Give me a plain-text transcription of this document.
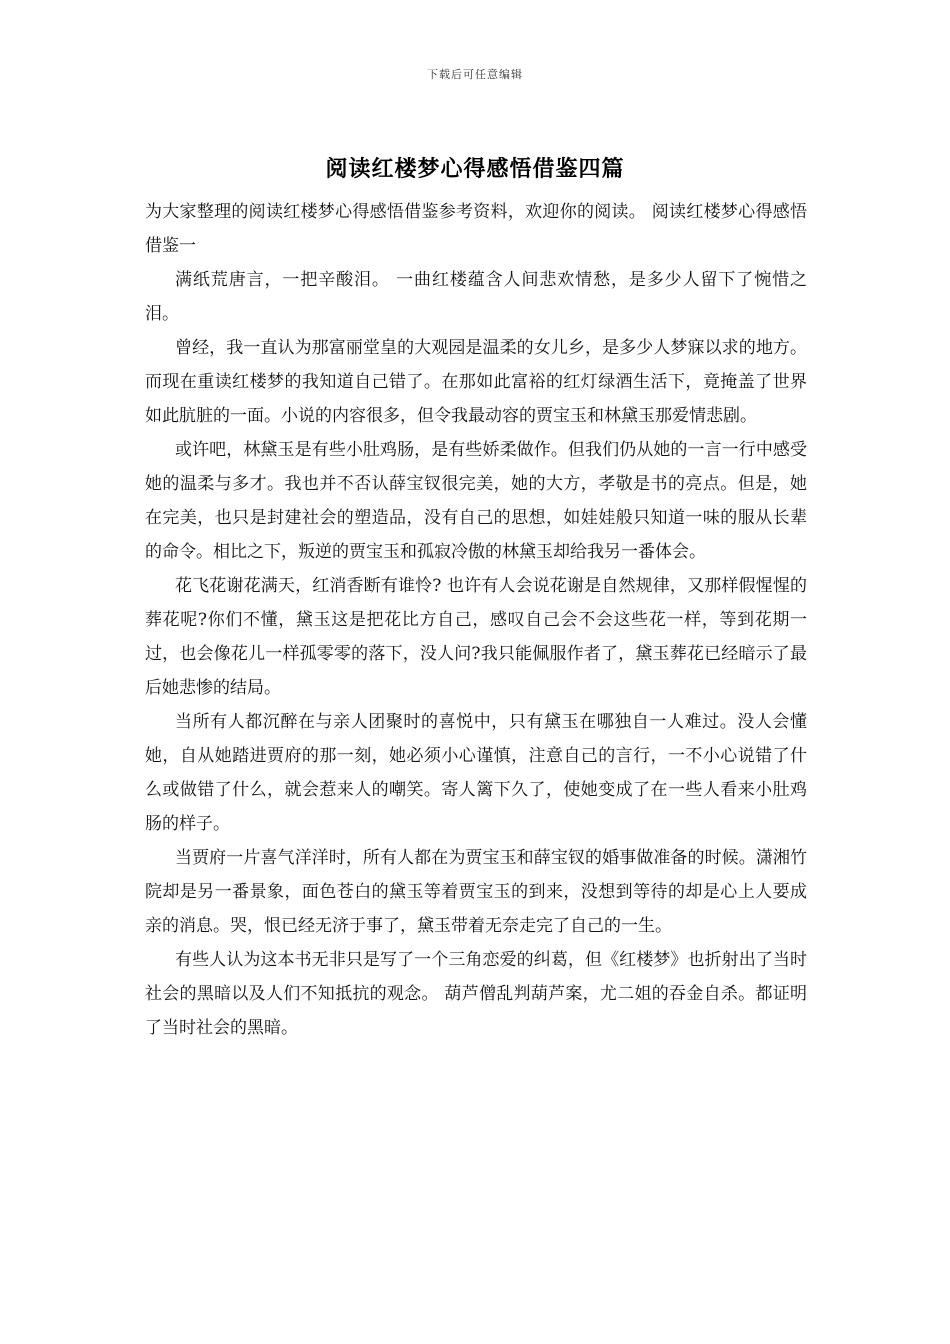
下载后可任意编辑
阅读红楼梦心得感悟借鉴四篇

为大家整理的阅读红楼梦心得感悟借鉴参考资料，欢迎你的阅读。 阅读红楼梦心得感悟借鉴一

满纸荒唐言，一把辛酸泪。 一曲红楼蕴含人间悲欢情愁，是多少人留下了惋惜之泪。

曾经，我一直认为那富丽堂皇的大观园是温柔的女儿乡，是多少人梦寐以求的地方。而现在重读红楼梦的我知道自己错了。在那如此富裕的红灯绿酒生活下，竟掩盖了世界如此肮脏的一面。小说的内容很多，但令我最动容的贾宝玉和林黛玉那爱情悲剧。

或许吧，林黛玉是有些小肚鸡肠，是有些娇柔做作。但我们仍从她的一言一行中感受她的温柔与多才。我也并不否认薛宝钗很完美，她的大方，孝敬是书的亮点。但是，她在完美，也只是封建社会的塑造品，没有自己的思想，如娃娃般只知道一味的服从长辈的命令。相比之下，叛逆的贾宝玉和孤寂冷傲的林黛玉却给我另一番体会。

花飞花谢花满天，红消香断有谁怜? 也许有人会说花谢是自然规律，又那样假惺惺的葬花呢?你们不懂，黛玉这是把花比方自己，感叹自己会不会这些花一样，等到花期一过，也会像花儿一样孤零零的落下，没人问?我只能佩服作者了，黛玉葬花已经暗示了最后她悲惨的结局。

当所有人都沉醉在与亲人团聚时的喜悦中，只有黛玉在哪独自一人难过。没人会懂她，自从她踏进贾府的那一刻，她必须小心谨慎，注意自己的言行，一不小心说错了什么或做错了什么，就会惹来人的嘲笑。寄人篱下久了，使她变成了在一些人看来小肚鸡肠的样子。

当贾府一片喜气洋洋时，所有人都在为贾宝玉和薛宝钗的婚事做准备的时候。潇湘竹院却是另一番景象，面色苍白的黛玉等着贾宝玉的到来，没想到等待的却是心上人要成亲的消息。哭，恨已经无济于事了，黛玉带着无奈走完了自己的一生。

有些人认为这本书无非只是写了一个三角恋爱的纠葛，但《红楼梦》也折射出了当时社会的黑暗以及人们不知抵抗的观念。 葫芦僧乱判葫芦案，尤二姐的吞金自杀。都证明了当时社会的黑暗。
